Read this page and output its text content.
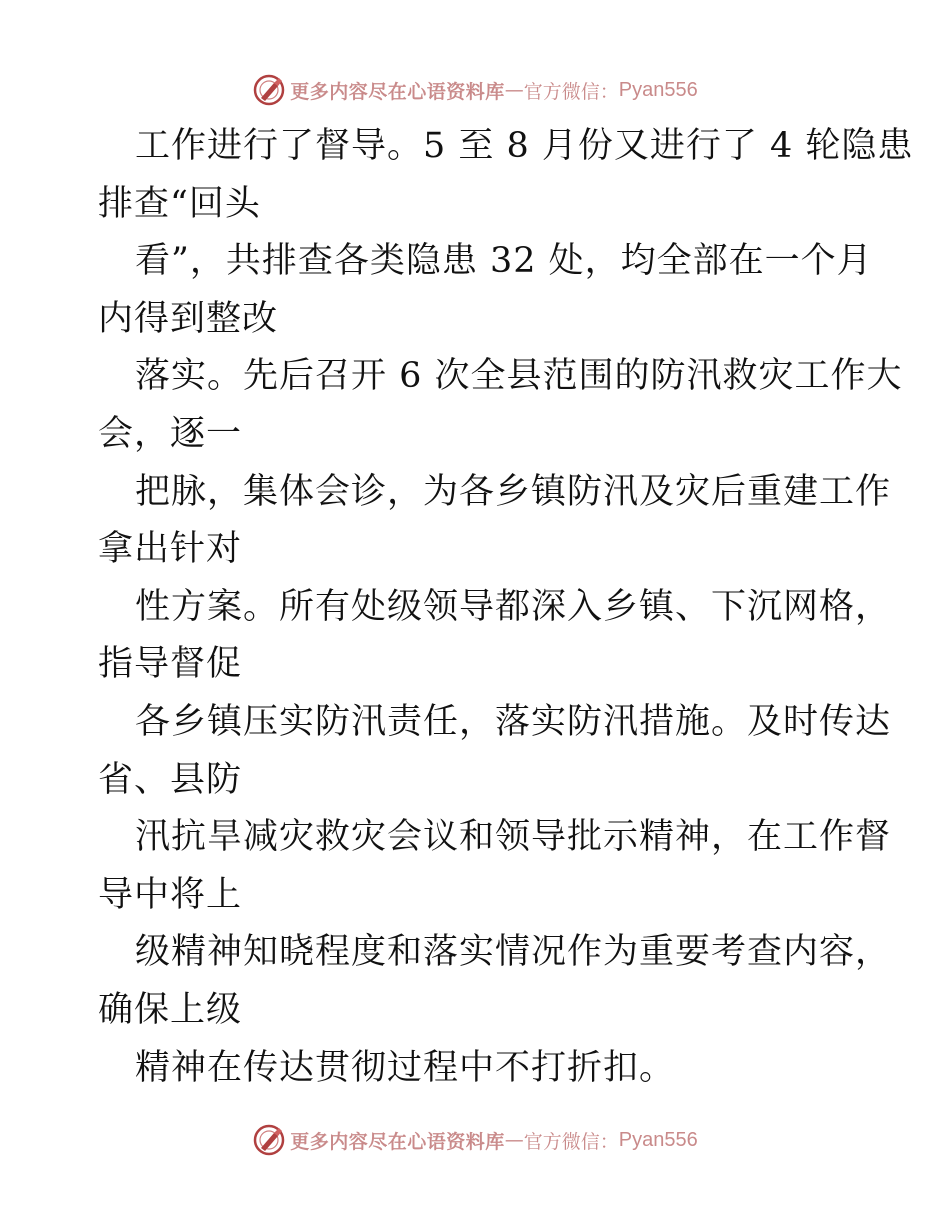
更多内容尽在心语资料库 — 官方微信： Pyan556
工作进行了督导。5 至 8 月份又进行了 4 轮隐患
排查“回头
看”，共排查各类隐患 32 处，均全部在一个月
内得到整改
落实。先后召开 6 次全县范围的防汛救灾工作大
会，逐一
把脉，集体会诊，为各乡镇防汛及灾后重建工作
拿出针对
性方案。所有处级领导都深入乡镇、下沉网格，
指导督促
各乡镇压实防汛责任，落实防汛措施。及时传达
省、县防
汛抗旱减灾救灾会议和领导批示精神，在工作督
导中将上
级精神知晓程度和落实情况作为重要考查内容，
确保上级
精神在传达贯彻过程中不打折扣。
更多内容尽在心语资料库 — 官方微信： Pyan556
